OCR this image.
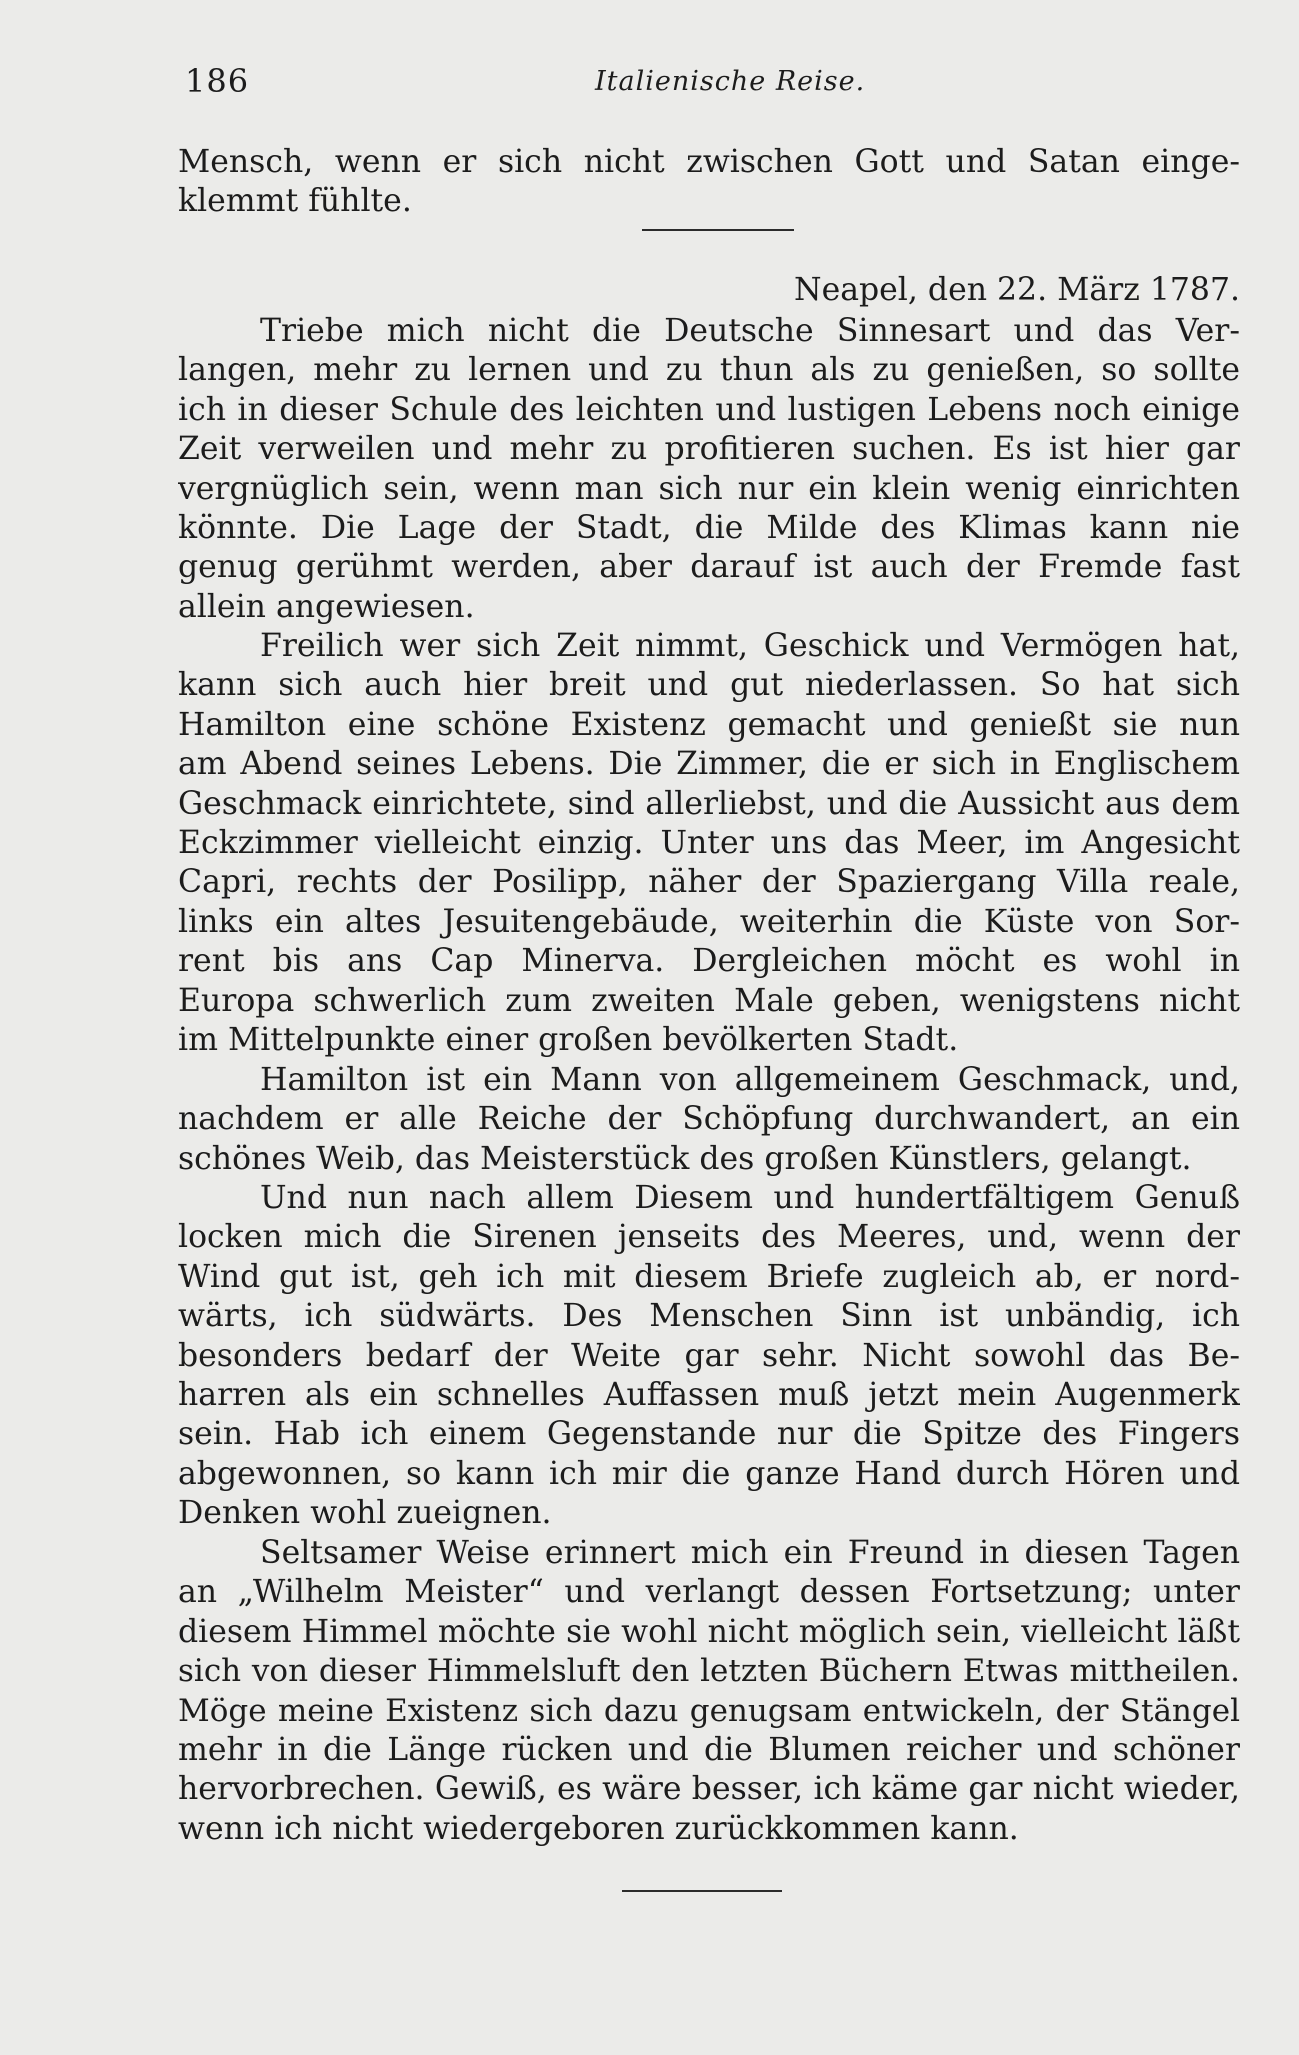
186	Italienische Reise.
Mensch, wenn er sich nicht zwischen Gott und Satan einge-
klemmt fühlte.
Neapel, den 22. März 1787.
Triebe mich nicht die Deutsche Sinnesart und das Ver-
langen, mehr zu lernen und zu thun als zu genießen, so sollte
ich in dieser Schule des leichten und lustigen Lebens noch einige
Zeit verweilen und mehr zu profitieren suchen. Es ist hier gar
vergnüglich sein, wenn man sich nur ein klein wenig einrichten
könnte. Die Lage der Stadt, die Milde des Klimas kann nie
genug gerühmt werden, aber darauf ist auch der Fremde fast
allein angewiesen.
Freilich wer sich Zeit nimmt, Geschick und Vermögen hat,
kann sich auch hier breit und gut niederlassen. So hat sich
Hamilton eine schöne Existenz gemacht und genießt sie nun
am Abend seines Lebens. Die Zimmer, die er sich in Englischem
Geschmack einrichtete, sind allerliebst, und die Aussicht aus dem
Eckzimmer vielleicht einzig. Unter uns das Meer, im Angesicht
Capri, rechts der Posilipp, näher der Spaziergang Villa reale,
links ein altes Jesuitengebäude, weiterhin die Küste von Sor-
rent bis ans Cap Minerva. Dergleichen möcht es wohl in
Europa schwerlich zum zweiten Male geben, wenigstens nicht
im Mittelpunkte einer großen bevölkerten Stadt.
Hamilton ist ein Mann von allgemeinem Geschmack, und,
nachdem er alle Reiche der Schöpfung durchwandert, an ein
schönes Weib, das Meisterstück des großen Künstlers, gelangt.
Und nun nach allem Diesem und hundertfältigem Genuß
locken mich die Sirenen jenseits des Meeres, und, wenn der
Wind gut ist, geh ich mit diesem Briefe zugleich ab, er nord-
wärts, ich südwärts. Des Menschen Sinn ist unbändig, ich
besonders bedarf der Weite gar sehr. Nicht sowohl das Be-
harren als ein schnelles Auffassen muß jetzt mein Augenmerk
sein. Hab ich einem Gegenstande nur die Spitze des Fingers
abgewonnen, so kann ich mir die ganze Hand durch Hören und
Denken wohl zueignen.
Seltsamer Weise erinnert mich ein Freund in diesen Tagen
an „Wilhelm Meister“ und verlangt dessen Fortsetzung; unter
diesem Himmel möchte sie wohl nicht möglich sein, vielleicht läßt
sich von dieser Himmelsluft den letzten Büchern Etwas mittheilen.
Möge meine Existenz sich dazu genugsam entwickeln, der Stängel
mehr in die Länge rücken und die Blumen reicher und schöner
hervorbrechen. Gewiß, es wäre besser, ich käme gar nicht wieder,
wenn ich nicht wiedergeboren zurückkommen kann.
